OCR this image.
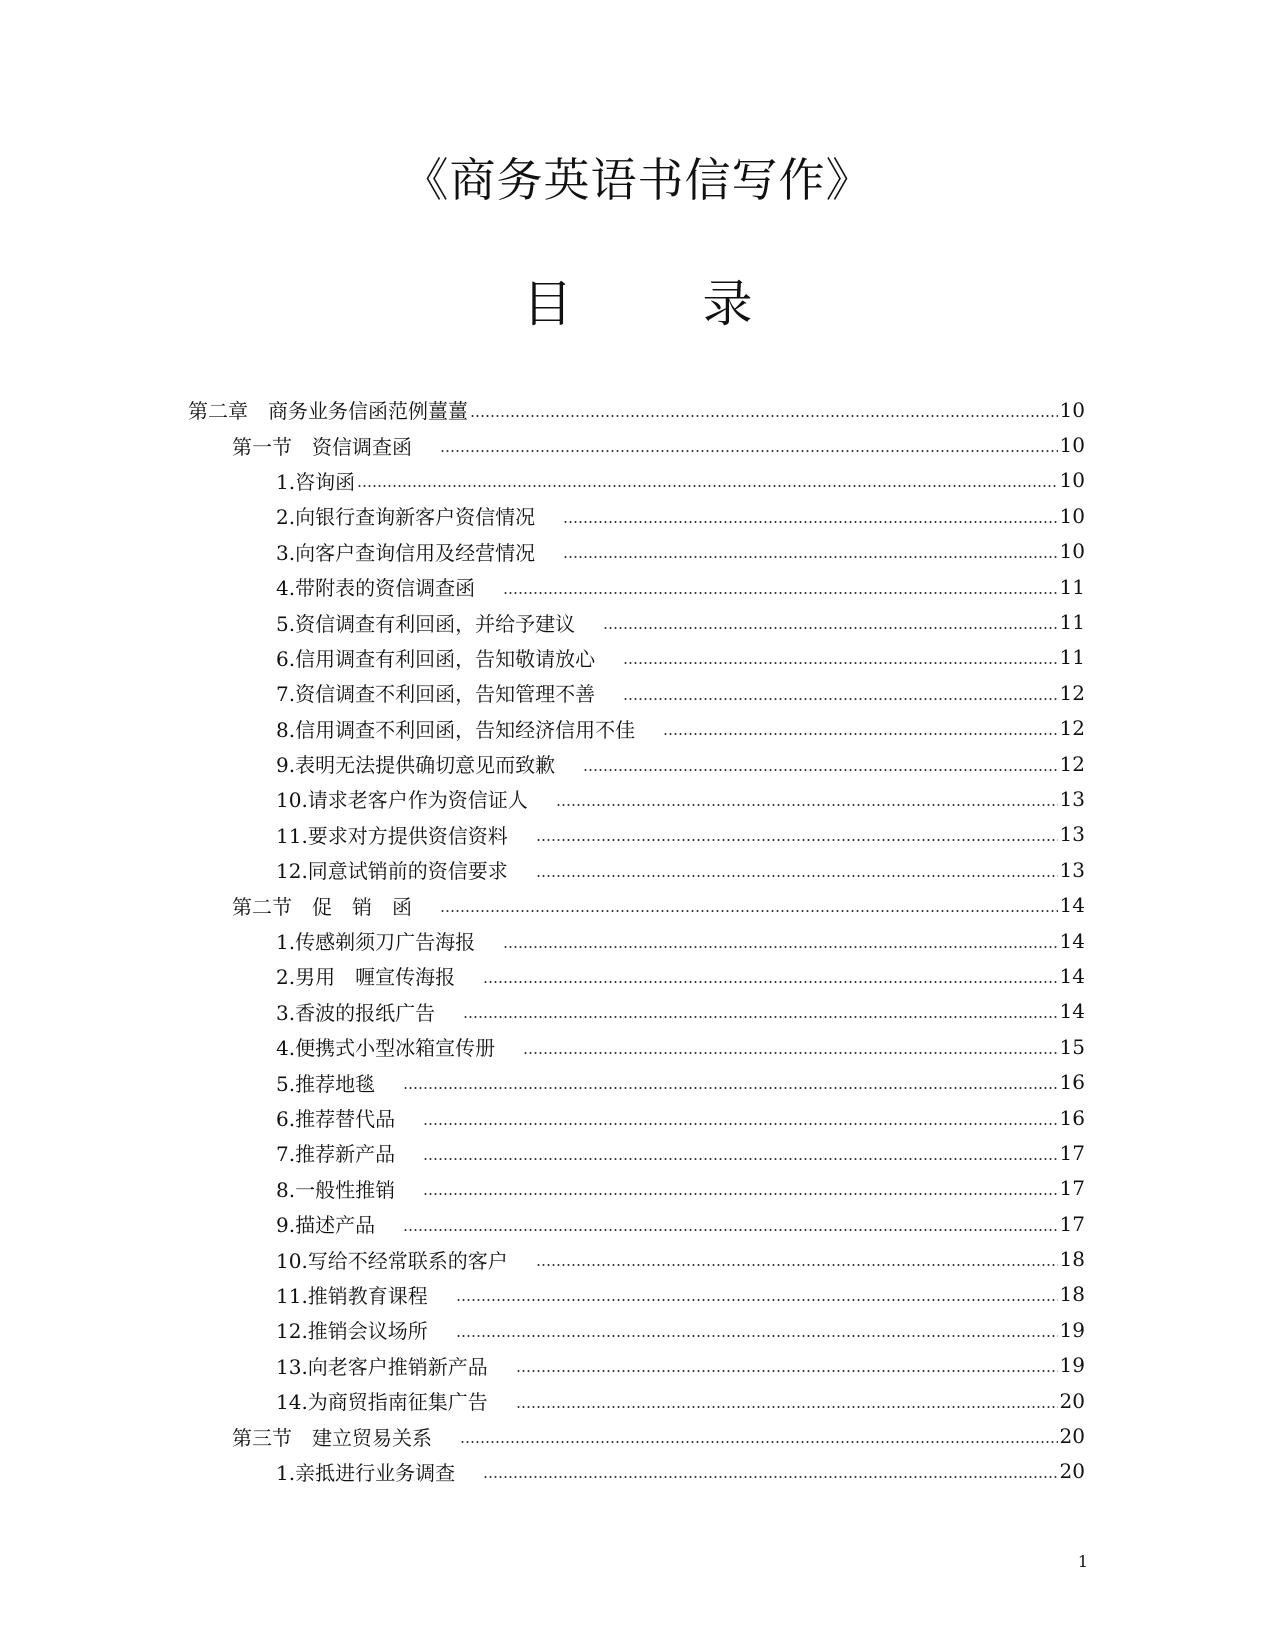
《商务英语书信写作》
目　录
第二章　商务业务信函范例薑薑	10
第一节　资信调查函	10
1.咨询函	10
2.向银行查询新客户资信情况	10
3.向客户查询信用及经营情况	10
4.带附表的资信调查函	11
5.资信调查有利回函，并给予建议	11
6.信用调查有利回函，告知敬请放心	11
7.资信调查不利回函，告知管理不善	12
8.信用调查不利回函，告知经济信用不佳	12
9.表明无法提供确切意见而致歉	12
10.请求老客户作为资信证人	13
11.要求对方提供资信资料	13
12.同意试销前的资信要求	13
第二节　促　销　函	14
1.传感剃须刀广告海报	14
2.男用　喱宣传海报	14
3.香波的报纸广告	14
4.便携式小型冰箱宣传册	15
5.推荐地毯	16
6.推荐替代品	16
7.推荐新产品	17
8.一般性推销	17
9.描述产品	17
10.写给不经常联系的客户	18
11.推销教育课程	18
12.推销会议场所	19
13.向老客户推销新产品	19
14.为商贸指南征集广告	20
第三节　建立贸易关系	20
1.亲抵进行业务调查	20
1
